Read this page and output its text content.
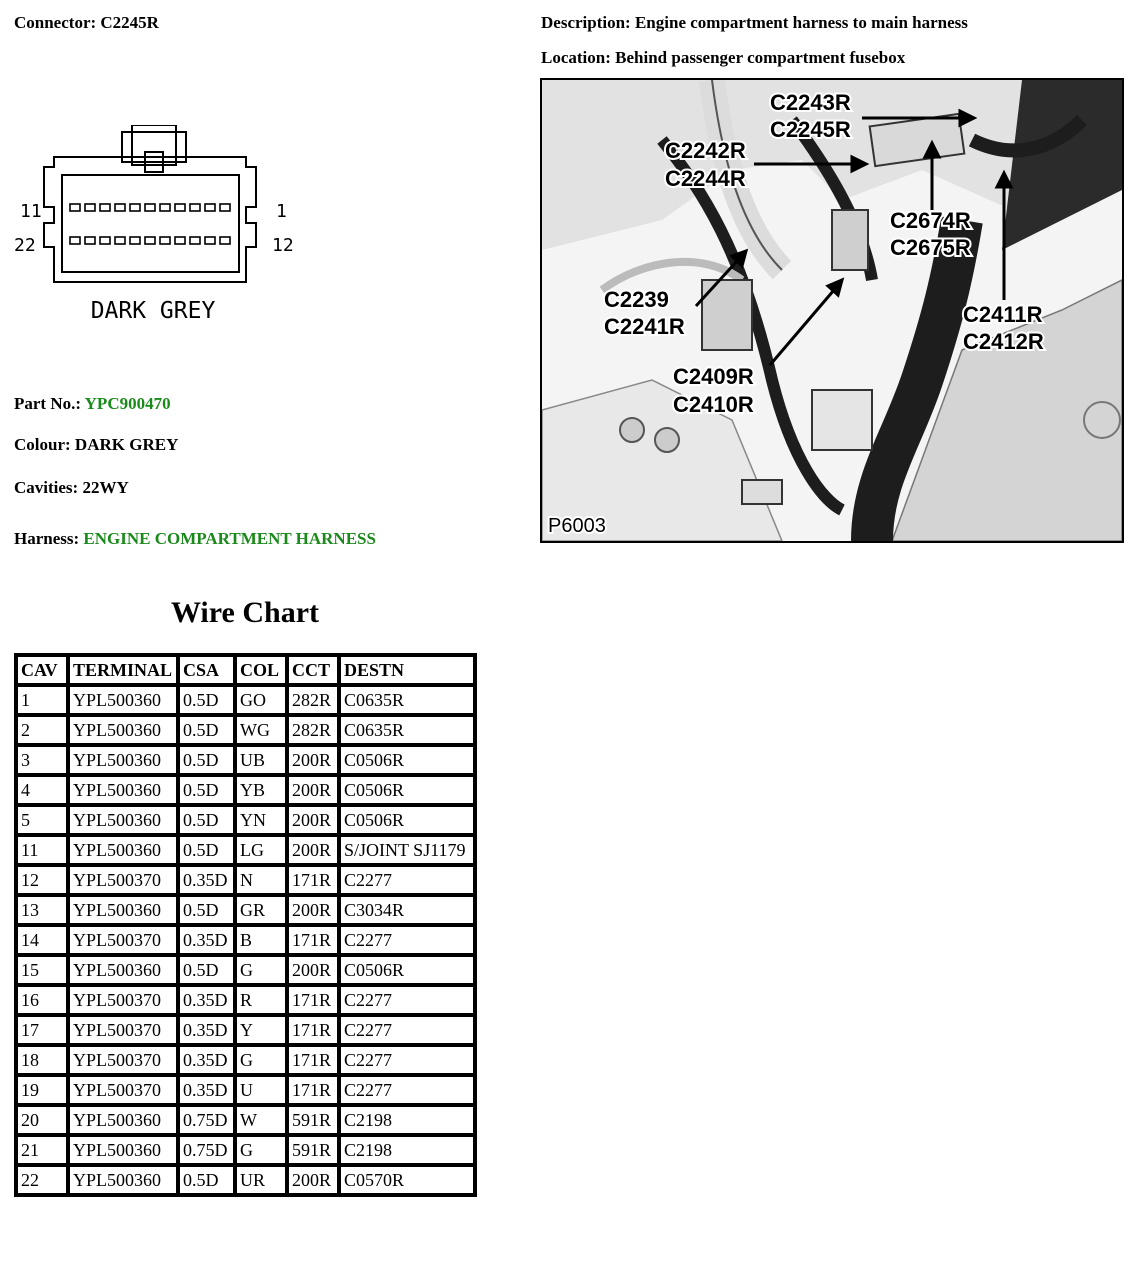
Connector: C2245R	Description: Engine compartment harness to main harness
Location: Behind passenger compartment fusebox
11	1
22	12
DARK GREY
C2243R
C2245R
C2242R
C2244R
C2674R
C2675R
C2239
C2241R	C2411R
C2412R
C2409R
C2410R
P6003
Part No.: YPC900470
Colour: DARK GREY
Cavities: 22WY
Harness: ENGINE COMPARTMENT HARNESS
Wire Chart
CAV	TERMINAL	CSA	COL	CCT	DESTN
1	YPL500360	0.5D	GO	282R	C0635R
2	YPL500360	0.5D	WG	282R	C0635R
3	YPL500360	0.5D	UB	200R	C0506R
4	YPL500360	0.5D	YB	200R	C0506R
5	YPL500360	0.5D	YN	200R	C0506R
11	YPL500360	0.5D	LG	200R	S/JOINT SJ1179
12	YPL500370	0.35D	N	171R	C2277
13	YPL500360	0.5D	GR	200R	C3034R
14	YPL500370	0.35D	B	171R	C2277
15	YPL500360	0.5D	G	200R	C0506R
16	YPL500370	0.35D	R	171R	C2277
17	YPL500370	0.35D	Y	171R	C2277
18	YPL500370	0.35D	G	171R	C2277
19	YPL500370	0.35D	U	171R	C2277
20	YPL500360	0.75D	W	591R	C2198
21	YPL500360	0.75D	G	591R	C2198
22	YPL500360	0.5D	UR	200R	C0570R
